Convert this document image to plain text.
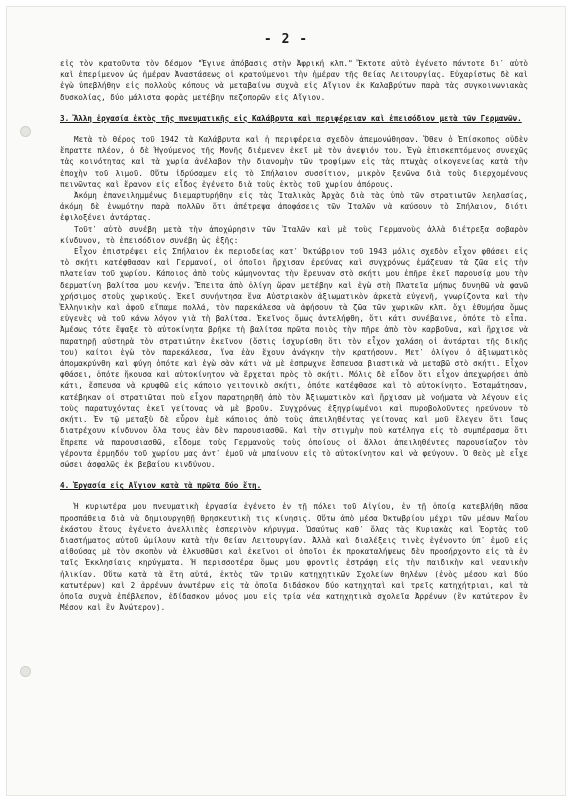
- 2 -

εἰς τὸν κρατοῦντα τὸν δέσμον "Ἐγινε ἀπόβασις στὴν Ἀφρική κλπ." Ἔκτοτε αὐτὸ ἐγένετο πάντοτε δι᾽ αὐτὸ καὶ ἐπερίμενον ὡς ἡμέραν Ἀναστάσεως οἱ κρατούμενοι τὴν ἡμέραν τῆς Θείας Λειτουργίας. Εὐχαρίστως δὲ καὶ ἐγὼ ὑπεβλήθην εἰς πολλοὺς κόπους νὰ μεταβαίνω συχνὰ εἰς Αἴγιον ἐκ Καλαβρύτων παρὰ τὰς συγκοινωνιακὰς δυσκολίας, δύο μάλιστα φορὰς μετέβην πεζοπορῶν εἰς Αἴγιον.

3. Ἄλλη ἐργασία ἐκτὸς τῆς πνευματικῆς εἰς Καλάβρυτα καὶ περιφέρειαν καὶ ἐπεισόδιον μετὰ τῶν Γερμανῶν.

Μετὰ τὸ θέρος τοῦ 1942 τὰ Καλάβρυτα καὶ ἡ περιφέρεια σχεδὸν ἀπεμονώθησαν. Ὅθεν ὁ Ἐπίσκοπος οὐδὲν ἔπραττε πλέον, ὁ δὲ Ἡγούμενος τῆς Μονῆς διέμενεν ἐκεῖ μὲ τὸν ἀνεψιόν του. Ἐγὼ ἐπισκεπτόμενος συνεχῶς τὰς κοινότητας καὶ τὰ χωρία ἀνέλαβον τὴν διανομὴν τῶν τροφίμων εἰς τὰς πτωχὰς οἰκογενείας κατὰ τὴν ἐποχὴν τοῦ λιμοῦ. Οὕτω ἱδρύσαμεν εἰς τὸ Σπήλαιον συσσίτιον, μικρὸν ξενῶνα διὰ τοὺς διερχομένους πεινῶντας καὶ ἔρανον εἰς εἶδος ἐγένετο διὰ τοὺς ἐκτὸς τοῦ χωρίου ἀπόρους.

Ἀκόμη ἐπανειλημμένως διεμαρτυρήθην εἰς τὰς Ἰταλικὰς Ἀρχὰς διὰ τὰς ὑπὸ τῶν στρατιωτῶν λεηλασίας, ἀκόμη δὲ ἐνωμότην παρὰ πολλῶν ὅτι ἀπέτρεψα ἀποφάσεις τῶν Ἰταλῶν νὰ καύσουν τὸ Σπήλαιον, διότι ἐφιλοξένει ἀντάρτας.

Τοῦτ᾽ αὐτὸ συνέβη μετὰ τὴν ἀποχώρησιν τῶν Ἰταλῶν καὶ μὲ τοὺς Γερμανοὺς ἀλλὰ διέτρεξα σοβαρὸν κίνδυνον, τὸ ἐπεισόδιον συνέβη ὡς ἑξῆς:

Εἶχον ἐπιστρέψει εἰς Σπήλαιον ἐκ περιοδείας κατ᾽ Ὀκτώβριον τοῦ 1943 μόλις σχεδὸν εἶχον φθάσει εἰς τὸ σκήτι κατέφθασαν καὶ Γερμανοί, οἱ ὁποῖοι ἤρχισαν ἐρεύνας καὶ συγχρόνως ἐμάζευαν τὰ ζῶα εἰς τὴν πλατείαν τοῦ χωρίου. Κάποιος ἀπὸ τοὺς κώμηνοντας τὴν ἔρευναν στὸ σκήτι μου ἐπῆρε ἐκεῖ παρουσίᾳ μου τὴν δερματίνη βαλίτσα μου κενήν. Ἔπειτα ἀπὸ ὀλίγη ὥραν μετέβην καὶ ἐγὼ στὴ Πλατεῖα μήπως δυνηθῶ νὰ φανῶ χρήσιμος στοὺς χωρικούς. Ἐκεῖ συνήντησα ἕνα Αὐστριακὸν ἀξιωματικὸν ἀρκετὰ εὐγενῆ, γνωρίζοντα καὶ τὴν Ἑλληνικὴν καὶ ἀφοῦ εἴπαμε πολλά, τὸν παρεκάλεσα νὰ ἀφήσουν τὰ ζῶα τῶν χωρικῶν κλπ. ὄχι ἐθυμήσα ὅμως εὐγενὲς νὰ τοῦ κάνω λόγον γιὰ τὴ βαλίτσα. Ἐκεῖνος ὅμως ἀντελήφθη, ὅτι κάτι συνέβαινε, ὁπότε τὸ εἶπα. Ἀμέσως τότε ἔψαξε τὸ αὐτοκίνητα βρῆκε τὴ βαλίτσα πρῶτα ποιὸς τὴν πῆρε ἀπὸ τὸν καρβοῦνα, καὶ ἤρχισε νὰ παρατηρῇ αὐστηρὰ τὸν στρατιώτην ἐκεῖνον (ὅστις ἰσχυρίσθη ὅτι τὸν εἶχον χαλάση οἱ ἀντάρται τῆς δικῆς του) καίτοι ἐγὼ τὸν παρεκάλεσα, ἵνα ἐὰν ἔχουν ἀνάγκην τὴν κρατήσουν. Μετ᾽ ὀλίγον ὁ ἀξιωματικὸς ἀπομακρύνθη καὶ φύγη ὁπότε καὶ ἐγὼ σὰν κάτι νὰ μὲ ἐσπρωχνε ἔσπευσα βιαστικὰ νὰ μεταβῶ στὸ σκήτι. Εἶχον φθάσει, ὁπότε ἤκουσα καὶ αὐτοκίνητον νὰ ἔρχεται πρὸς τὸ σκήτι. Μόλις δὲ εἶδον ὅτι εἶχον ἀπεχωρήσει ἀπὸ κάτι, ἔσπευσα νὰ κρυφθῶ εἰς κάποιο γειτονικὸ σκήτι, ὁπότε κατέφθασε καὶ τὸ αὐτοκίνητο. Ἐσταμάτησαν, κατέβηκαν οἱ στρατιῶται ποὺ εἶχον παρατηρηθῆ ἀπὸ τὸν Ἀξιωματικὸν καὶ ἤρχισαν μὲ νοήματα νὰ λέγουν εἰς τοὺς παρατυχόντας ἐκεῖ γείτονας νὰ μὲ βροῦν. Συγχρόνως ἐξηγρίωμένοι καὶ πυροβολοῦντες ηρεύνουν τὸ σκήτι. Ἐν τῷ μεταξὺ δὲ εὗρον ἐμὲ κάποιος ἀπὸ τοὺς ἀπειληθέντας γείτονας καὶ μοῦ ἔλεγεν ὅτι ἴσως διατρέχουν κίνδυνον ὅλα τους ἐὰν δὲν παρουσιασθῶ. Καὶ τὴν στιγμὴν ποὺ κατέληγα εἰς τὸ συμπέρασμα ὅτι ἔπρεπε νὰ παρουσιασθῶ, εἶδομε τοὺς Γερμανοὺς τοὺς ὁποίους οἱ ἄλλοι ἀπειληθέντες παρουσίαζον τὸν γέροντα ἑρμηδόν τοῦ χωρίου μας ἀντ᾽ ἐμοῦ νὰ μπαίνουν εἰς τὸ αὐτοκίνητον καὶ νὰ φεύγουν. Ὁ Θεὸς μὲ εἶχε σώσει ἀσφαλῶς ἐκ βεβαίου κινδύνου.

4. Ἐργασία εἰς Αἴγιον κατὰ τὰ πρῶτα δύο ἔτη.

Ἡ κυριωτέρα μου πνευματικὴ ἐργασία ἐγένετο ἐν τῇ πόλει τοῦ Αἰγίου, ἐν τῇ ὁποίᾳ κατεβλήθη πᾶσα προσπάθεια διὰ νὰ δημιουργηθῇ θρησκευτικὴ τις κίνησις. Οὕτω ἀπὸ μέσα Ὀκτωβρίου μέχρι τῶν μέσων Μαΐου ἑκάστου ἔτους ἐγένετο ἀνελλιπὲς ἑσπερινὸν κήρυγμα. Ὡσαύτως καθ᾽ ὅλας τὰς Κυριακὰς καὶ Ἑορτὰς τοῦ διαστήματος αὐτοῦ ὡμίλουν κατὰ τὴν Θείαν Λειτουργίαν. Ἀλλὰ καὶ διαλέξεις τινὲς ἐγένοντο ὑπ᾽ ἐμοῦ εἰς αἰθούσας μὲ τὸν σκοπὸν νὰ ἐλκυσθῶσι καὶ ἐκεῖνοι οἱ ὁποῖοι ἐκ προκαταλήψεως δὲν προσήρχοντο εἰς τὰ ἐν ταῖς Ἐκκλησίαις κηρύγματα. Ἡ περισσοτέρα ὅμως μου φροντὶς ἐστράφη εἰς τὴν παιδικὴν καὶ νεανικὴν ἡλικίαν. Οὕτω κατὰ τὰ ἔτη αὐτά, ἐκτὸς τῶν τριῶν κατηχητικῶν Σχολείων θηλέων (ἑνὸς μέσου καὶ δύο κατωτέρων) καὶ 2 ἀρρένων ἀνωτέρων εἰς τὰ ὁποῖα διδάσκον δύο κατηχηταὶ καὶ τρεῖς κατηχήτριαι, καὶ τὰ ὁποῖα συχνὰ ἐπέβλεπον, ἐδίδασκον μόνος μου εἰς τρία νέα κατηχητικὰ σχολεῖα Ἀρρένων (ἓν κατώτερον ἓν Μέσον καὶ ἓν Ἀνώτερον).
